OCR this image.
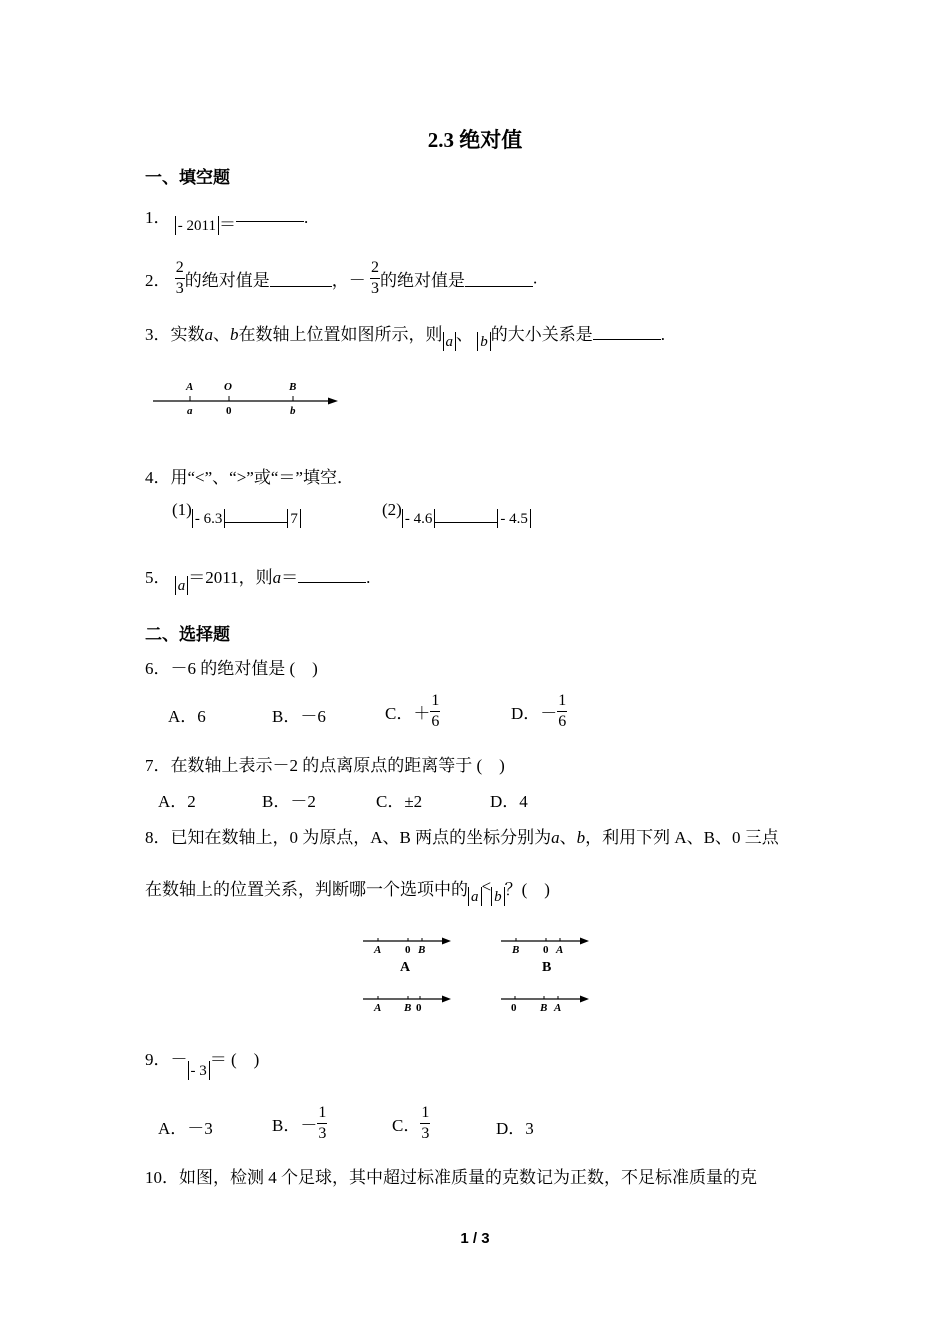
2.3 绝对值
一、填空题
1． - 2011 ＝	.
2． $\frac{2}{3}$ 的绝对值是	，－ $\frac{2}{3}$ 的绝对值是	.
3．实数a、b在数轴上位置如图所示，则 a 、 b 的大小关系是	.
A	O	B
a	0	b
4．用“<”、“>”或“＝”填空．
(1) - 6.3	7	(2) - 4.6	- 4.5
5． a ＝2011，则a＝	.
二、选择题
6．－6 的绝对值是 (　)
A．6	B．－6	C．＋ $\frac{1}{6}$	D．－ $\frac{1}{6}$
7．在数轴上表示－2 的点离原点的距离等于 (　)
A．2	B．－2	C．±2	D．4
8．已知在数轴上，0 为原点，A、B 两点的坐标分别为a、b，利用下列 A、B、0 三点
在数轴上的位置关系，判断哪一个选项中的 a<b ？(　)
A 0 B
A
B 0 A
B
A B 0	0 B A
9．－- 3＝ (　)
A．－3	B．－ $\frac{1}{3}$	C． $\frac{1}{3}$	D．3
10．如图，检测 4 个足球，其中超过标准质量的克数记为正数，不足标准质量的克
1 / 3
